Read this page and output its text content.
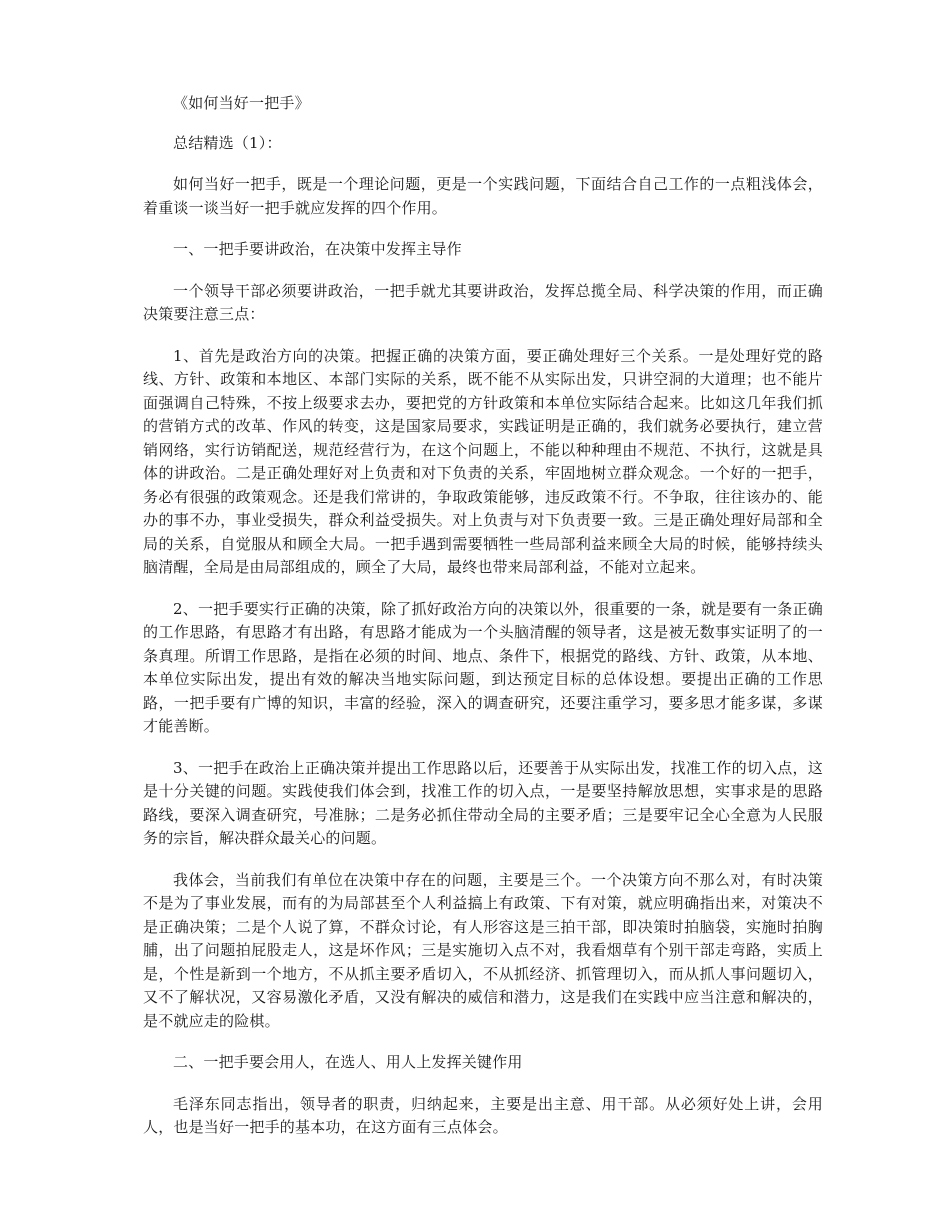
《如何当好一把手》

总结精选（1）：

如何当好一把手，既是一个理论问题，更是一个实践问题，下面结合自己工作的一点粗浅体会，着重谈一谈当好一把手就应发挥的四个作用。

一、一把手要讲政治，在决策中发挥主导作

一个领导干部必须要讲政治，一把手就尤其要讲政治，发挥总揽全局、科学决策的作用，而正确决策要注意三点：

1、首先是政治方向的决策。把握正确的决策方面，要正确处理好三个关系。一是处理好党的路线、方针、政策和本地区、本部门实际的关系，既不能不从实际出发，只讲空洞的大道理；也不能片面强调自己特殊，不按上级要求去办，要把党的方针政策和本单位实际结合起来。比如这几年我们抓的营销方式的改革、作风的转变，这是国家局要求，实践证明是正确的，我们就务必要执行，建立营销网络，实行访销配送，规范经营行为，在这个问题上，不能以种种理由不规范、不执行，这就是具体的讲政治。二是正确处理好对上负责和对下负责的关系，牢固地树立群众观念。一个好的一把手，务必有很强的政策观念。还是我们常讲的，争取政策能够，违反政策不行。不争取，往往该办的、能办的事不办，事业受损失，群众利益受损失。对上负责与对下负责要一致。三是正确处理好局部和全局的关系，自觉服从和顾全大局。一把手遇到需要牺牲一些局部利益来顾全大局的时候，能够持续头脑清醒，全局是由局部组成的，顾全了大局，最终也带来局部利益，不能对立起来。

2、一把手要实行正确的决策，除了抓好政治方向的决策以外，很重要的一条，就是要有一条正确的工作思路，有思路才有出路，有思路才能成为一个头脑清醒的领导者，这是被无数事实证明了的一条真理。所谓工作思路，是指在必须的时间、地点、条件下，根据党的路线、方针、政策，从本地、本单位实际出发，提出有效的解决当地实际问题，到达预定目标的总体设想。要提出正确的工作思路，一把手要有广博的知识，丰富的经验，深入的调查研究，还要注重学习，要多思才能多谋，多谋才能善断。

3、一把手在政治上正确决策并提出工作思路以后，还要善于从实际出发，找准工作的切入点，这是十分关键的问题。实践使我们体会到，找准工作的切入点，一是要坚持解放思想，实事求是的思路路线，要深入调查研究，号准脉；二是务必抓住带动全局的主要矛盾；三是要牢记全心全意为人民服务的宗旨，解决群众最关心的问题。

我体会，当前我们有单位在决策中存在的问题，主要是三个。一个决策方向不那么对，有时决策不是为了事业发展，而有的为局部甚至个人利益搞上有政策、下有对策，就应明确指出来，对策决不是正确决策；二是个人说了算，不群众讨论，有人形容这是三拍干部，即决策时拍脑袋，实施时拍胸脯，出了问题拍屁股走人，这是坏作风；三是实施切入点不对，我看烟草有个别干部走弯路，实质上是，个性是新到一个地方，不从抓主要矛盾切入，不从抓经济、抓管理切入，而从抓人事问题切入，又不了解状况，又容易激化矛盾，又没有解决的威信和潜力，这是我们在实践中应当注意和解决的，是不就应走的险棋。

二、一把手要会用人，在选人、用人上发挥关键作用

毛泽东同志指出，领导者的职责，归纳起来，主要是出主意、用干部。从必须好处上讲，会用人，也是当好一把手的基本功，在这方面有三点体会。
